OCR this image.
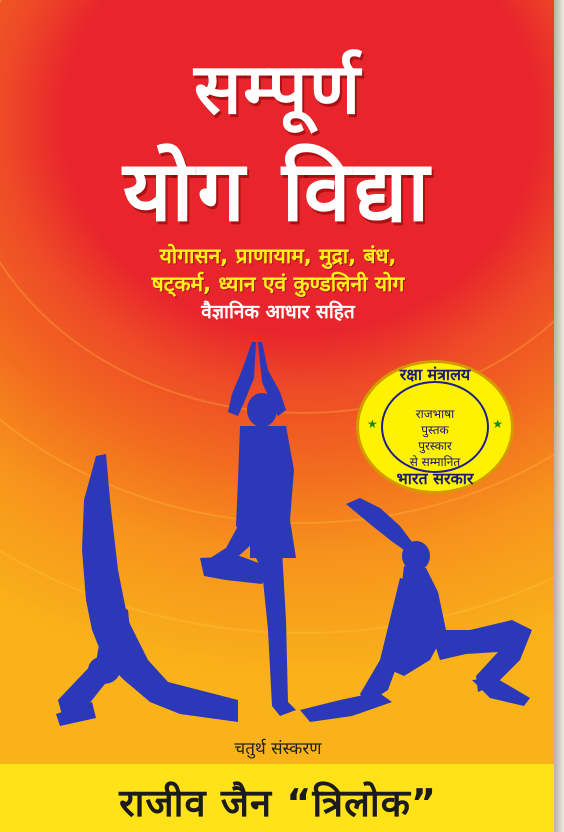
सम्पूर्ण
योग विद्या
योगासन, प्राणायाम, मुद्रा, बंध,
षट्कर्म, ध्यान एवं कुण्डलिनी योग
वैज्ञानिक आधार सहित
रक्षा मंत्रालय
राजभाषा
पुस्तक
पुरस्कार
से सम्मानित
★	★
भारत सरकार
चतुर्थ संस्करण
राजीव जैन “त्रिलोक”
